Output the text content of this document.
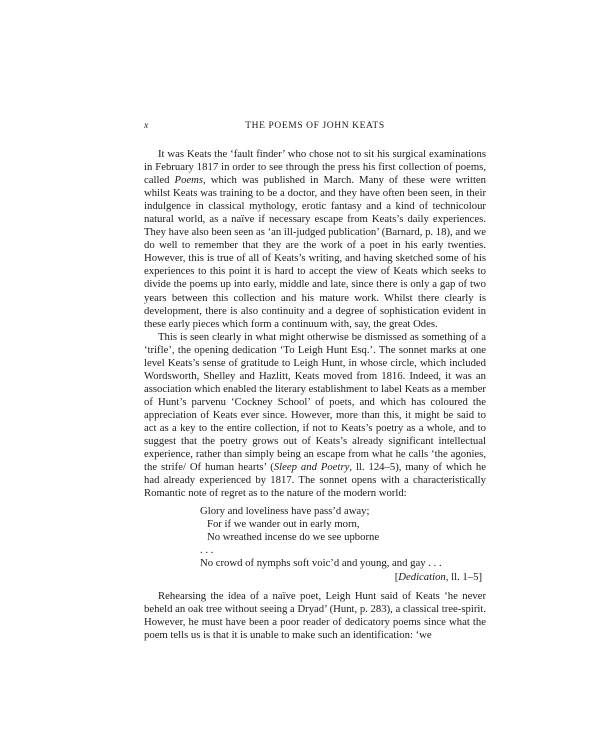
x	THE POEMS OF JOHN KEATS

It was Keats the ‘fault finder’ who chose not to sit his surgical examinations in February 1817 in order to see through the press his first collection of poems, called Poems, which was published in March. Many of these were written whilst Keats was training to be a doctor, and they have often been seen, in their indulgence in classical mythology, erotic fantasy and a kind of technicolour natural world, as a naïve if necessary escape from Keats’s daily experiences. They have also been seen as ‘an ill-judged publication’ (Barnard, p. 18), and we do well to remember that they are the work of a poet in his early twenties. However, this is true of all of Keats’s writing, and having sketched some of his experiences to this point it is hard to accept the view of Keats which seeks to divide the poems up into early, middle and late, since there is only a gap of two years between this collection and his mature work. Whilst there clearly is development, there is also continuity and a degree of sophistication evident in these early pieces which form a continuum with, say, the great Odes.

This is seen clearly in what might otherwise be dismissed as something of a ‘trifle’, the opening dedication ‘To Leigh Hunt Esq.’. The sonnet marks at one level Keats’s sense of gratitude to Leigh Hunt, in whose circle, which included Wordsworth, Shelley and Hazlitt, Keats moved from 1816. Indeed, it was an association which enabled the literary establishment to label Keats as a member of Hunt’s parvenu ‘Cockney School’ of poets, and which has coloured the appreciation of Keats ever since. However, more than this, it might be said to act as a key to the entire collection, if not to Keats’s poetry as a whole, and to suggest that the poetry grows out of Keats’s already significant intellectual experience, rather than simply being an escape from what he calls ‘the agonies, the strife/ Of human hearts’ (Sleep and Poetry, ll. 124–5), many of which he had already experienced by 1817. The sonnet opens with a characteristically Romantic note of regret as to the nature of the modern world:

Glory and loveliness have pass’d away;
For if we wander out in early morn,
No wreathed incense do we see upborne
. . .
No crowd of nymphs soft voic’d and young, and gay . . .
[Dedication, ll. 1–5]

Rehearsing the idea of a naïve poet, Leigh Hunt said of Keats ‘he never beheld an oak tree without seeing a Dryad’ (Hunt, p. 283), a classical tree-spirit. However, he must have been a poor reader of dedicatory poems since what the poem tells us is that it is unable to make such an identification: ‘we
